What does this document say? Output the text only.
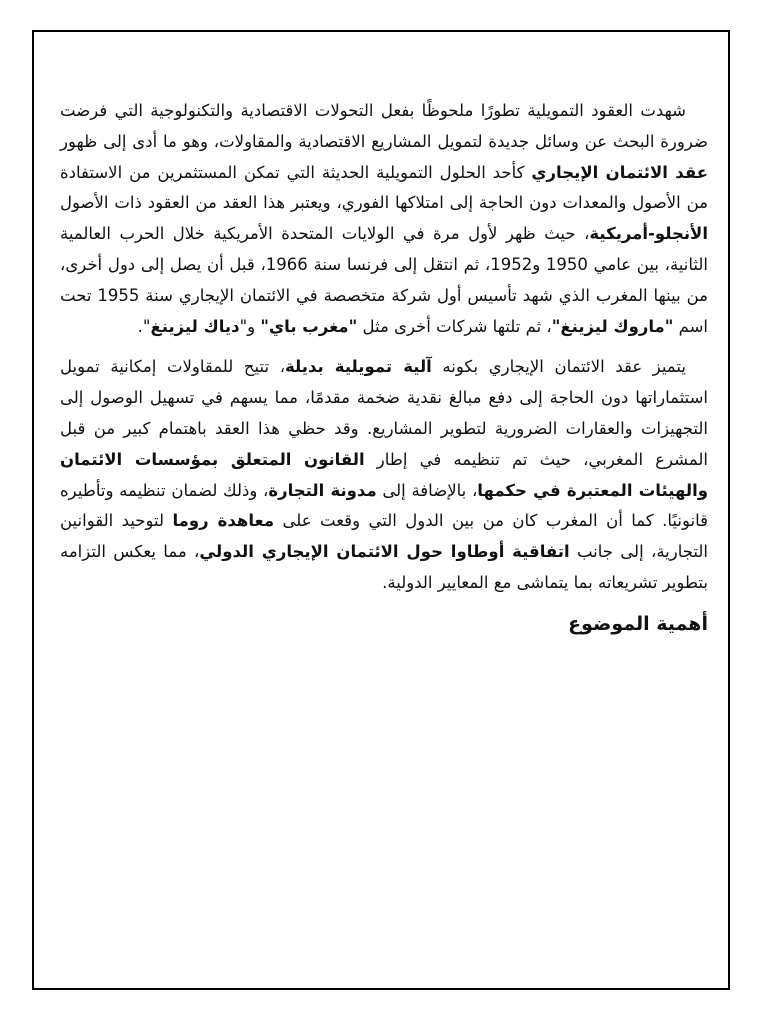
شهدت العقود التمويلية تطورًا ملحوظًا بفعل التحولات الاقتصادية والتكنولوجية التي فرضت ضرورة البحث عن وسائل جديدة لتمويل المشاريع الاقتصادية والمقاولات، وهو ما أدى إلى ظهور عقد الائتمان الإيجاري كأحد الحلول التمويلية الحديثة التي تمكن المستثمرين من الاستفادة من الأصول والمعدات دون الحاجة إلى امتلاكها الفوري، ويعتبر هذا العقد من العقود ذات الأصول الأنجلو-أمريكية، حيث ظهر لأول مرة في الولايات المتحدة الأمريكية خلال الحرب العالمية الثانية، بين عامي 1950 و1952، ثم انتقل إلى فرنسا سنة 1966، قبل أن يصل إلى دول أخرى، من بينها المغرب الذي شهد تأسيس أول شركة متخصصة في الائتمان الإيجاري سنة 1955 تحت اسم "ماروك ليزينغ"، ثم تلتها شركات أخرى مثل "مغرب باي" و"دياك ليزينغ".

يتميز عقد الائتمان الإيجاري بكونه آلية تمويلية بديلة، تتيح للمقاولات إمكانية تمويل استثماراتها دون الحاجة إلى دفع مبالغ نقدية ضخمة مقدمًا، مما يسهم في تسهيل الوصول إلى التجهيزات والعقارات الضرورية لتطوير المشاريع. وقد حظي هذا العقد باهتمام كبير من قبل المشرع المغربي، حيث تم تنظيمه في إطار القانون المتعلق بمؤسسات الائتمان والهيئات المعتبرة في حكمها، بالإضافة إلى مدونة التجارة، وذلك لضمان تنظيمه وتأطيره قانونيًا. كما أن المغرب كان من بين الدول التي وقعت على معاهدة روما لتوحيد القوانين التجارية، إلى جانب اتفاقية أوطاوا حول الائتمان الإيجاري الدولي، مما يعكس التزامه بتطوير تشريعاته بما يتماشى مع المعايير الدولية.

أهمية الموضوع
